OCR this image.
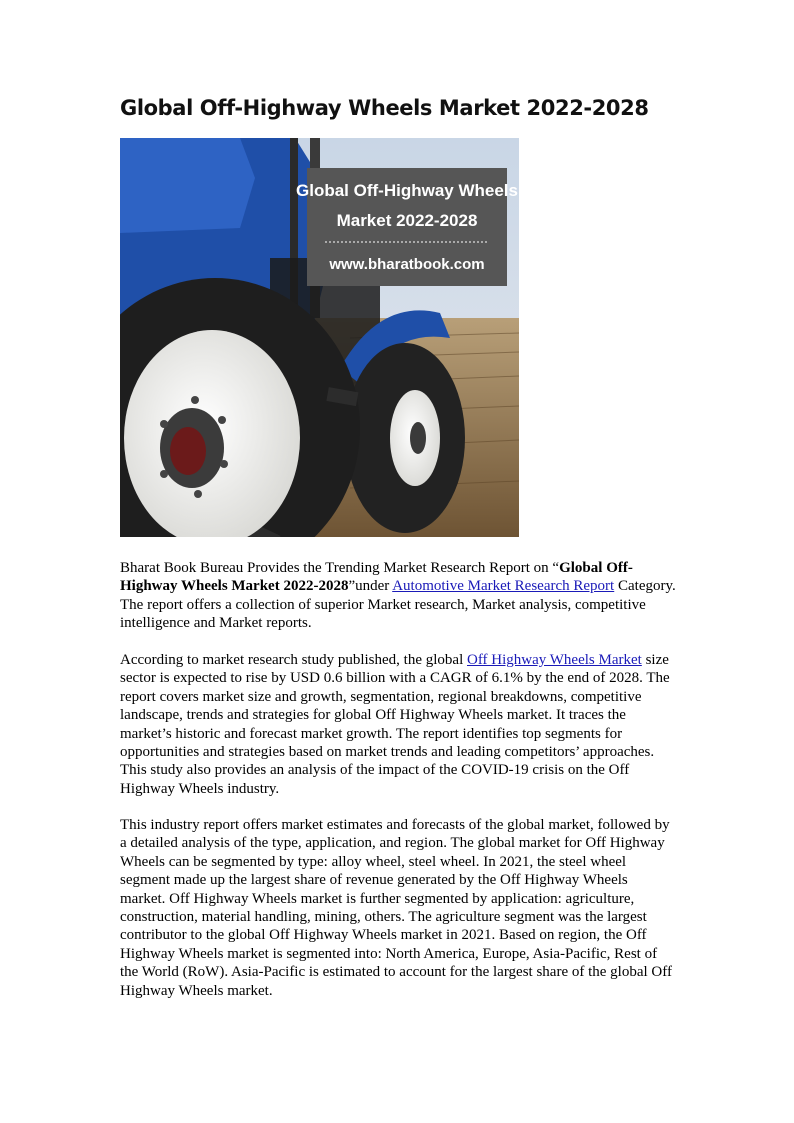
Global Off-Highway Wheels Market 2022-2028
Global Off-Highway Wheels
Market 2022-2028
www.bharatbook.com

Bharat Book Bureau Provides the Trending Market Research Report on “Global Off-Highway Wheels Market 2022-2028”under Automotive Market Research Report Category. The report offers a collection of superior Market research, Market analysis, competitive intelligence and Market reports.

According to market research study published, the global Off Highway Wheels Market size sector is expected to rise by USD 0.6 billion with a CAGR of 6.1% by the end of 2028. The report covers market size and growth, segmentation, regional breakdowns, competitive landscape, trends and strategies for global Off Highway Wheels market. It traces the market’s historic and forecast market growth. The report identifies top segments for opportunities and strategies based on market trends and leading competitors’ approaches. This study also provides an analysis of the impact of the COVID-19 crisis on the Off Highway Wheels industry.

This industry report offers market estimates and forecasts of the global market, followed by a detailed analysis of the type, application, and region. The global market for Off Highway Wheels can be segmented by type: alloy wheel, steel wheel. In 2021, the steel wheel segment made up the largest share of revenue generated by the Off Highway Wheels market. Off Highway Wheels market is further segmented by application: agriculture, construction, material handling, mining, others. The agriculture segment was the largest contributor to the global Off Highway Wheels market in 2021. Based on region, the Off Highway Wheels market is segmented into: North America, Europe, Asia-Pacific, Rest of the World (RoW). Asia-Pacific is estimated to account for the largest share of the global Off Highway Wheels market.
